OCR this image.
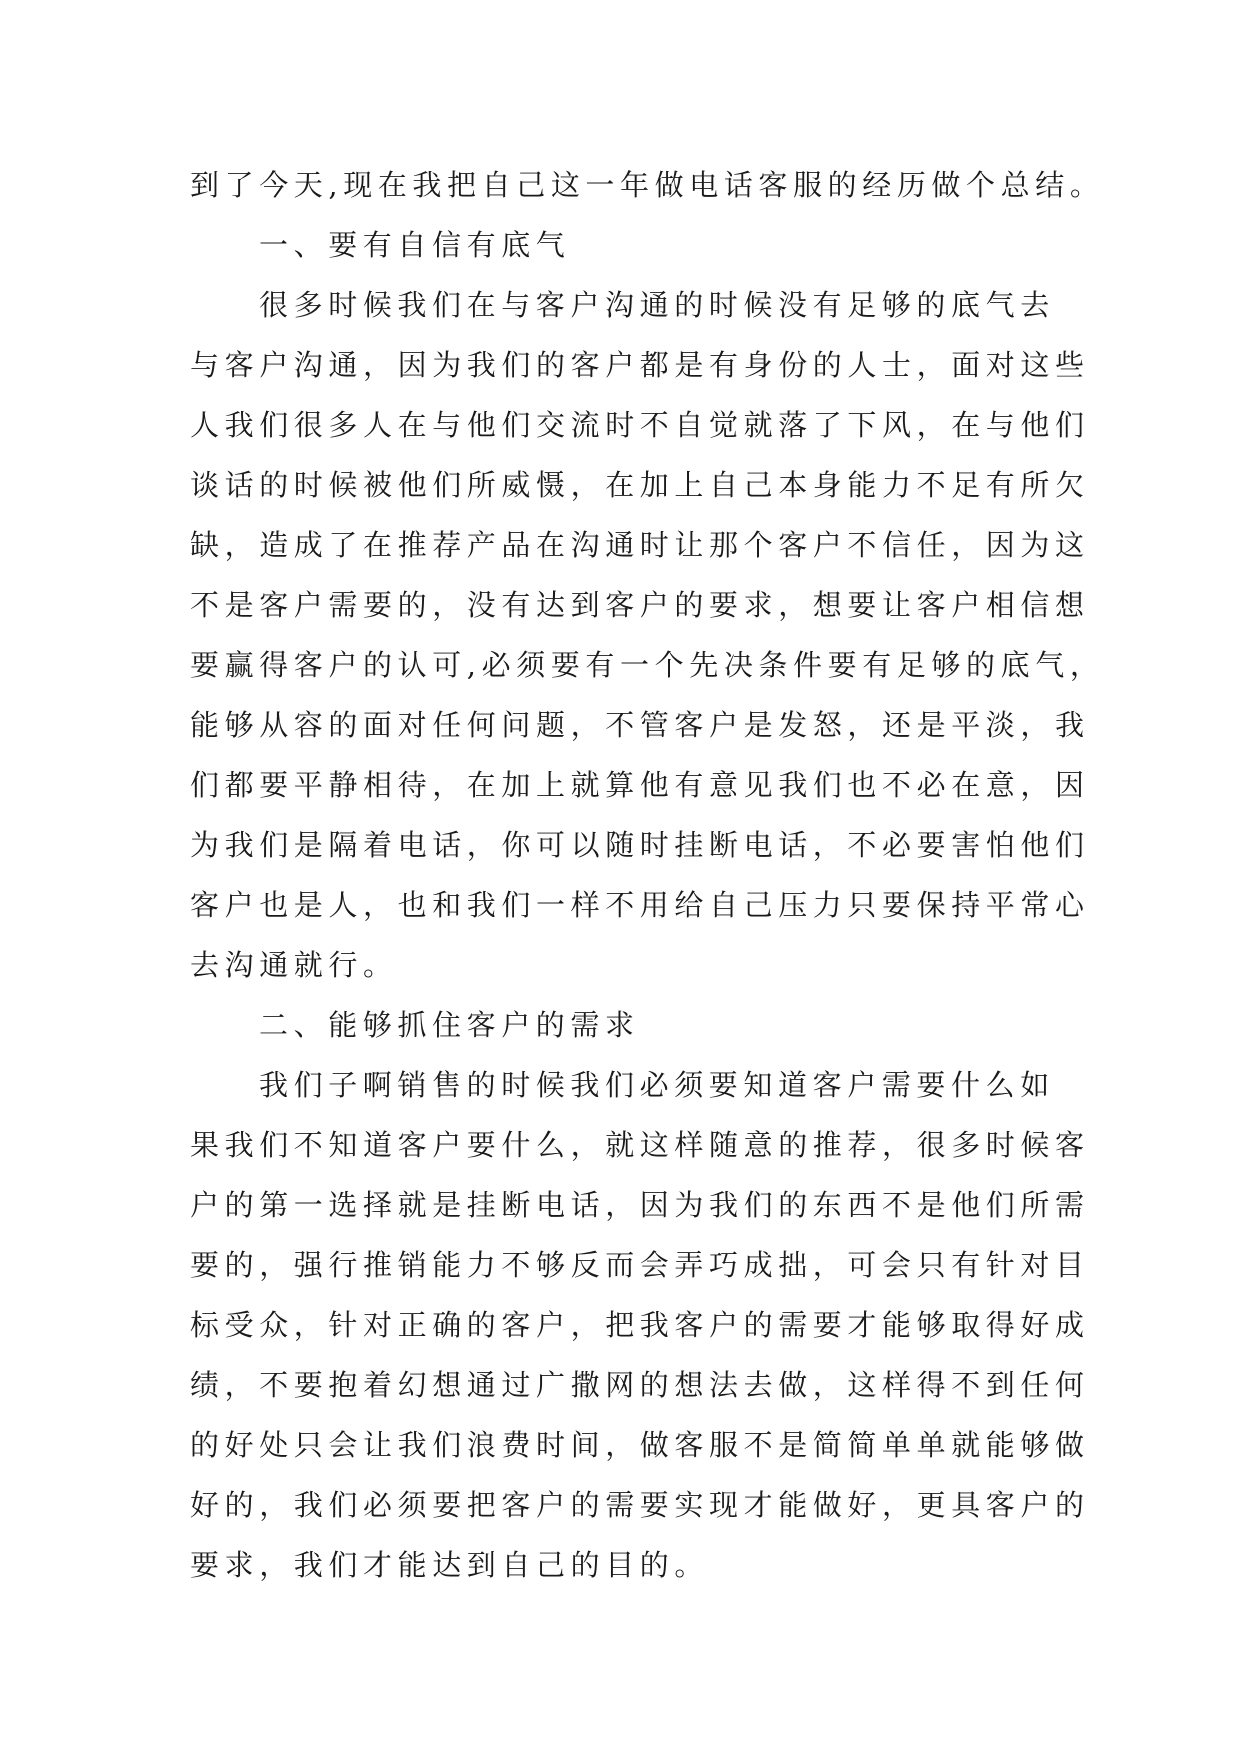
到了今天,现在我把自己这一年做电话客服的经历做个总结。

一、要有自信有底气

很多时候我们在与客户沟通的时候没有足够的底气去

与客户沟通，因为我们的客户都是有身份的人士，面对这些

人我们很多人在与他们交流时不自觉就落了下风，在与他们

谈话的时候被他们所威慑，在加上自己本身能力不足有所欠

缺，造成了在推荐产品在沟通时让那个客户不信任，因为这

不是客户需要的，没有达到客户的要求，想要让客户相信想

要赢得客户的认可,必须要有一个先决条件要有足够的底气，

能够从容的面对任何问题，不管客户是发怒，还是平淡，我

们都要平静相待，在加上就算他有意见我们也不必在意，因

为我们是隔着电话，你可以随时挂断电话，不必要害怕他们

客户也是人，也和我们一样不用给自己压力只要保持平常心

去沟通就行。

二、能够抓住客户的需求

我们子啊销售的时候我们必须要知道客户需要什么如

果我们不知道客户要什么，就这样随意的推荐，很多时候客

户的第一选择就是挂断电话，因为我们的东西不是他们所需

要的，强行推销能力不够反而会弄巧成拙，可会只有针对目

标受众，针对正确的客户，把我客户的需要才能够取得好成

绩，不要抱着幻想通过广撒网的想法去做，这样得不到任何

的好处只会让我们浪费时间，做客服不是简简单单就能够做

好的，我们必须要把客户的需要实现才能做好，更具客户的

要求，我们才能达到自己的目的。
